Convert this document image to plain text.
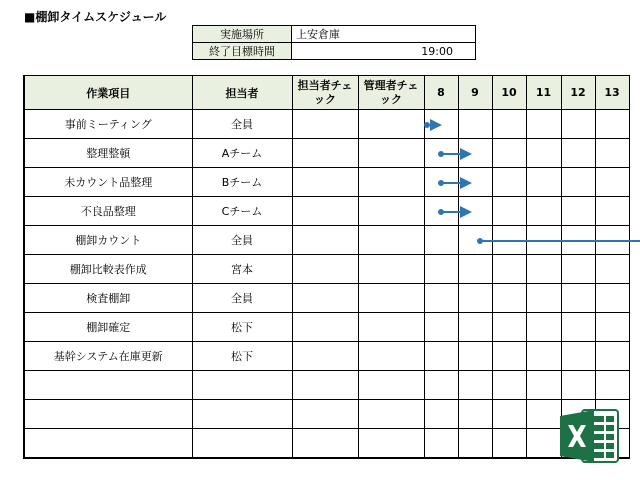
■棚卸タイムスケジュール
実施場所	上安倉庫
終了目標時間	19:00
作業項目	担当者	担当者チェック	管理者チェック	8	9	10	11	12	13
事前ミーティング	全員								
整理整頓	Aチーム								
未カウント品整理	Bチーム								
不良品整理	Cチーム								
棚卸カウント	全員								
棚卸比較表作成	宮本								
検査棚卸	全員								
棚卸確定	松下								
基幹システム在庫更新	松下								
